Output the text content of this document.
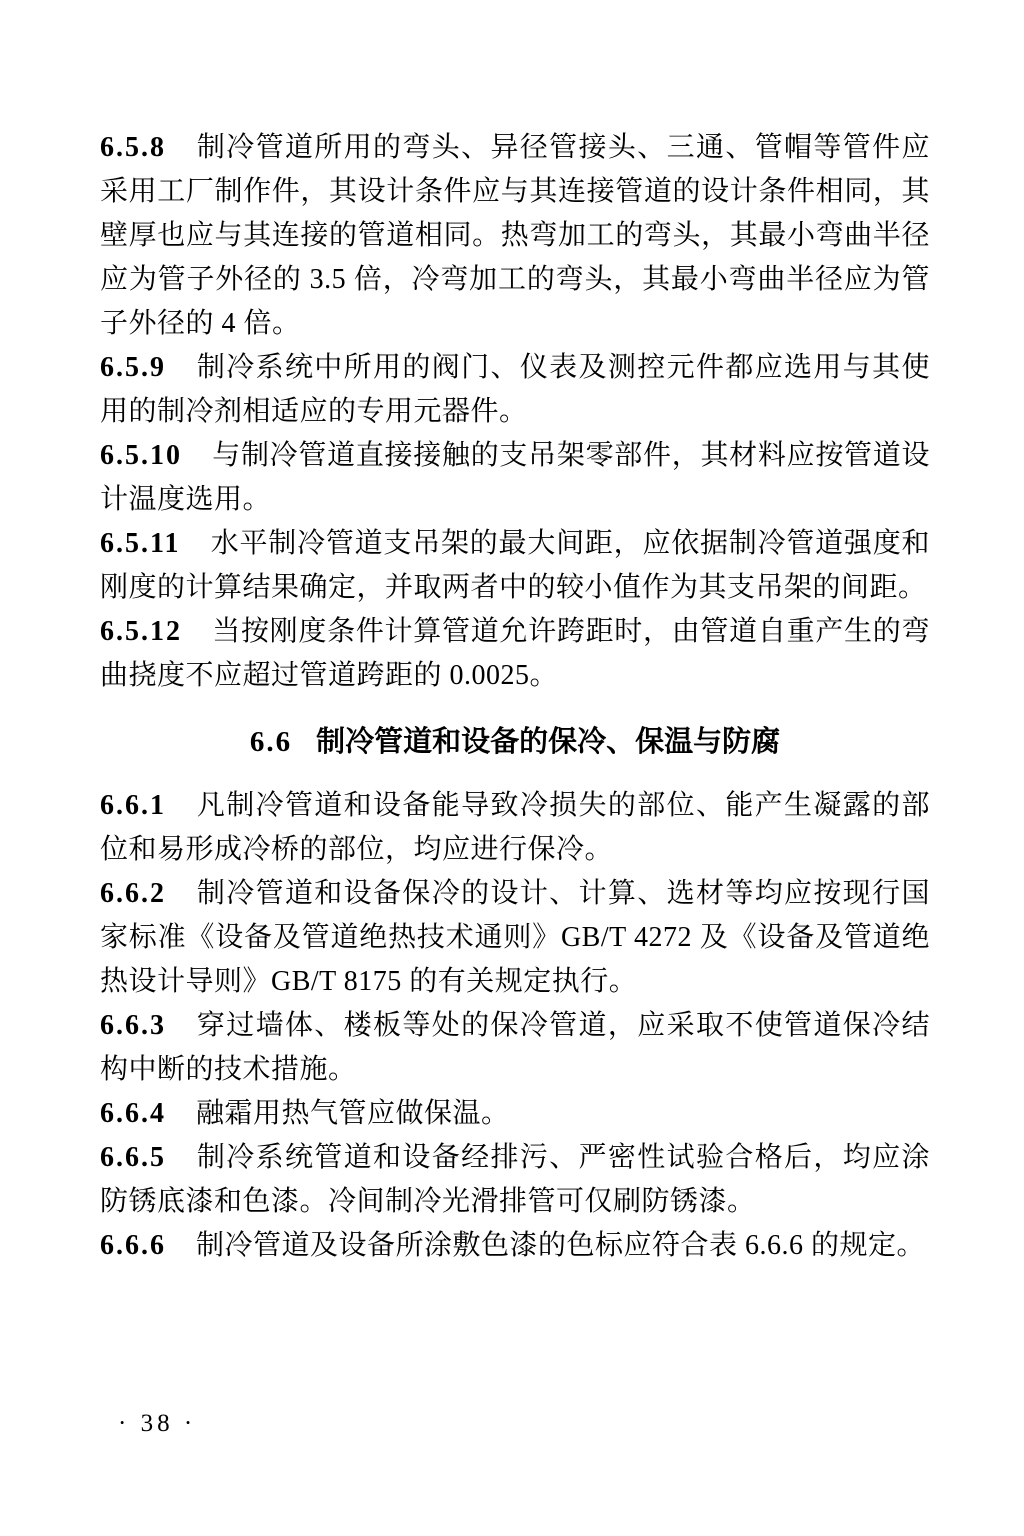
6.5.8 制冷管道所用的弯头、异径管接头、三通、管帽等管件应采用工厂制作件，其设计条件应与其连接管道的设计条件相同，其壁厚也应与其连接的管道相同。热弯加工的弯头，其最小弯曲半径应为管子外径的 3.5 倍，冷弯加工的弯头，其最小弯曲半径应为管子外径的 4 倍。

6.5.9 制冷系统中所用的阀门、仪表及测控元件都应选用与其使用的制冷剂相适应的专用元器件。

6.5.10 与制冷管道直接接触的支吊架零部件，其材料应按管道设计温度选用。

6.5.11 水平制冷管道支吊架的最大间距，应依据制冷管道强度和刚度的计算结果确定，并取两者中的较小值作为其支吊架的间距。

6.5.12 当按刚度条件计算管道允许跨距时，由管道自重产生的弯曲挠度不应超过管道跨距的 0.0025。

6.6 制冷管道和设备的保冷、保温与防腐

6.6.1 凡制冷管道和设备能导致冷损失的部位、能产生凝露的部位和易形成冷桥的部位，均应进行保冷。

6.6.2 制冷管道和设备保冷的设计、计算、选材等均应按现行国家标准《设备及管道绝热技术通则》GB/T 4272 及《设备及管道绝热设计导则》GB/T 8175 的有关规定执行。

6.6.3 穿过墙体、楼板等处的保冷管道，应采取不使管道保冷结构中断的技术措施。

6.6.4 融霜用热气管应做保温。

6.6.5 制冷系统管道和设备经排污、严密性试验合格后，均应涂防锈底漆和色漆。冷间制冷光滑排管可仅刷防锈漆。

6.6.6 制冷管道及设备所涂敷色漆的色标应符合表 6.6.6 的规定。

· 38 ·
